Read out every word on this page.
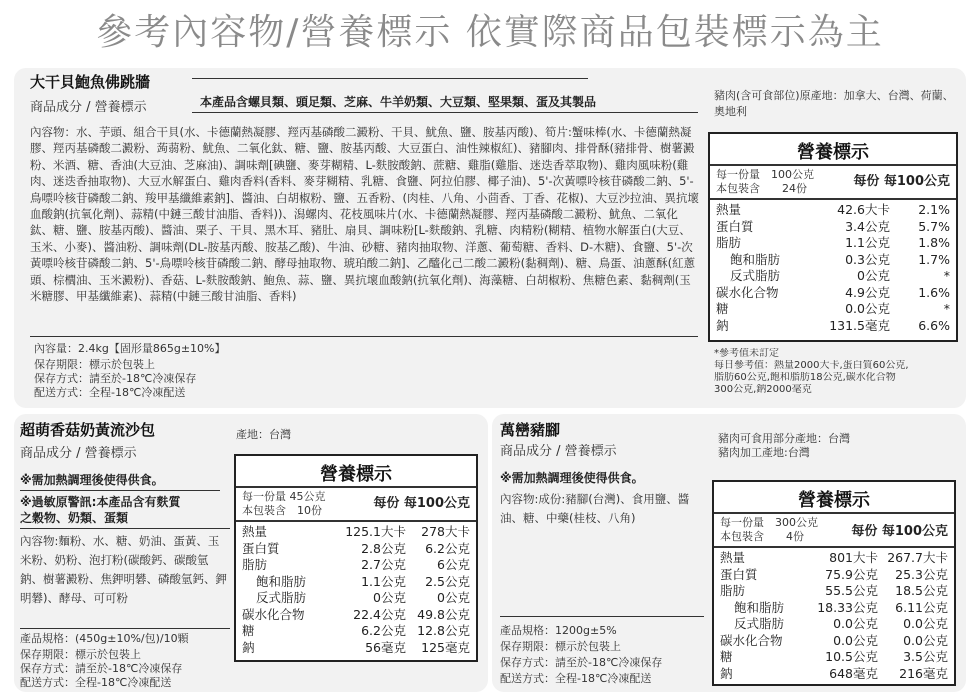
參考內容物/營養標示 依實際商品包裝標示為主
大干貝鮑魚佛跳牆
商品成分 / 營養標示	本產品含螺貝類、頭足類、芝麻、牛羊奶類、大豆類、堅果類、蛋及其製品	豬肉(含可食部位)原產地：加拿大、台灣、荷蘭、奧地利
內容物：水、芋頭、組合干貝(水、卡德蘭熱凝膠、羥丙基磷酸二澱粉、干貝、魷魚、鹽、胺基丙酸)、筍片:蟹味棒(水、卡德蘭熱凝膠、羥丙基磷酸二澱粉、蒟蒻粉、魷魚、二氧化鈦、糖、鹽、胺基丙酸、大豆蛋白、油性辣椒紅)、豬腳肉、排骨酥(豬排骨、樹薯澱粉、米酒、糖、香油(大豆油、芝麻油)、調味劑[碘鹽、麥芽糊精、L-麩胺酸鈉、蔗糖、雞脂(雞脂、迷迭香萃取物)、雞肉風味粉(雞肉、迷迭香抽取物)、大豆水解蛋白、雞肉香料(香料、麥芽糊精、乳糖、食鹽、阿拉伯膠、椰子油)、5'-次黃嘌呤核苷磷酸二鈉、5'-鳥嘌呤核苷磷酸二鈉、羧甲基纖維素鈉]、醬油、白胡椒粉、鹽、五香粉、(肉桂、八角、小茴香、丁香、花椒)、大豆沙拉油、異抗壞血酸鈉(抗氧化劑)、蒜精(中鏈三酸甘油脂、香料))、潟螺肉、花枝風味片(水、卡德蘭熱凝膠、羥丙基磷酸二澱粉、魷魚、二氧化鈦、糖、鹽、胺基丙酸)、醬油、栗子、干貝、黑木耳、豬肚、扇貝、調味粉[L-麩酸鈉、乳糖、肉精粉(糊精、植物水解蛋白(大豆、玉米、小麥)、醬油粉、調味劑(DL-胺基丙酸、胺基乙酸)、牛油、砂糖、豬肉抽取物、洋蔥、葡萄糖、香料、D-木糖)、食鹽、5'-次黃嘌呤核苷磷酸二鈉、5'-鳥嘌呤核苷磷酸二鈉、酵母抽取物、琥珀酸二鈉]、乙醯化己二酸二澱粉(黏稠劑)、糖、鳥蛋、油蔥酥(紅蔥頭、棕櫚油、玉米澱粉)、香菇、L-麩胺酸鈉、鮑魚、蒜、鹽、異抗壞血酸鈉(抗氧化劑)、海藻糖、白胡椒粉、焦糖色素、黏稠劑(玉米糖膠、甲基纖維素)、蒜精(中鏈三酸甘油脂、香料)
內容量：2.4kg【固形量865g±10%】
保存期限：標示於包裝上
保存方式：請至於-18℃冷凍保存
配送方式：全程-18℃冷凍配送
營養標示
每一份量　100公克
本包裝含　　24份	每份 每100公克
熱量	42.6大卡	2.1%
蛋白質	3.4公克	5.7%
脂肪	1.1公克	1.8%
飽和脂肪	0.3公克	1.7%
反式脂肪	0公克	*
碳水化合物	4.9公克	1.6%
糖	0.0公克	*
鈉	131.5毫克	6.6%
*參考值未訂定
每日參考值：熱量2000大卡,蛋白質60公克,
脂肪60公克,飽和脂肪18公克,碳水化合物
300公克,鈉2000毫克
超萌香菇奶黃流沙包	產地：台灣
商品成分 / 營養標示
※需加熱調理後使得供食。
※過敏原警訊:本產品含有麩質
之穀物、奶類、蛋類
內容物:麵粉、水、糖、奶油、蛋黃、玉米粉、奶粉、泡打粉(碳酸鈣、碳酸氫鈉、樹薯澱粉、焦鉀明礬、磷酸氫鈣、鉀明礬)、酵母、可可粉
產品規格：(450g±10%/包)/10顆
保存期限：標示於包裝上
保存方式：請至於-18℃冷凍保存
配送方式：全程-18℃冷凍配送
營養標示
每一份量 45公克
本包裝含　10份	每份 每100公克
熱量	125.1大卡	278大卡
蛋白質	2.8公克	6.2公克
脂肪	2.7公克	6公克
飽和脂肪	1.1公克	2.5公克
反式脂肪	0公克	0公克
碳水化合物	22.4公克 49.8公克
糖	6.2公克 12.8公克
鈉	56毫克	125毫克
萬巒豬腳
商品成分 / 營養標示
豬肉可食用部分產地：台灣
豬肉加工產地:台灣
※需加熱調理後使得供食。
內容物:成份:豬腳(台灣)、食用鹽、醬油、糖、中藥(桂枝、八角)
產品規格：1200g±5%
保存期限：標示於包裝上
保存方式：請至於-18℃冷凍保存
配送方式：全程-18℃冷凍配送
營養標示
每一份量　300公克
本包裝含　　4份	每份 每100公克
熱量	801大卡 267.7大卡
蛋白質	75.9公克	25.3公克
脂肪	55.5公克	18.5公克
飽和脂肪	18.33公克	6.11公克
反式脂肪	0.0公克	0.0公克
碳水化合物	0.0公克	0.0公克
糖	10.5公克	3.5公克
鈉	648毫克	216毫克
